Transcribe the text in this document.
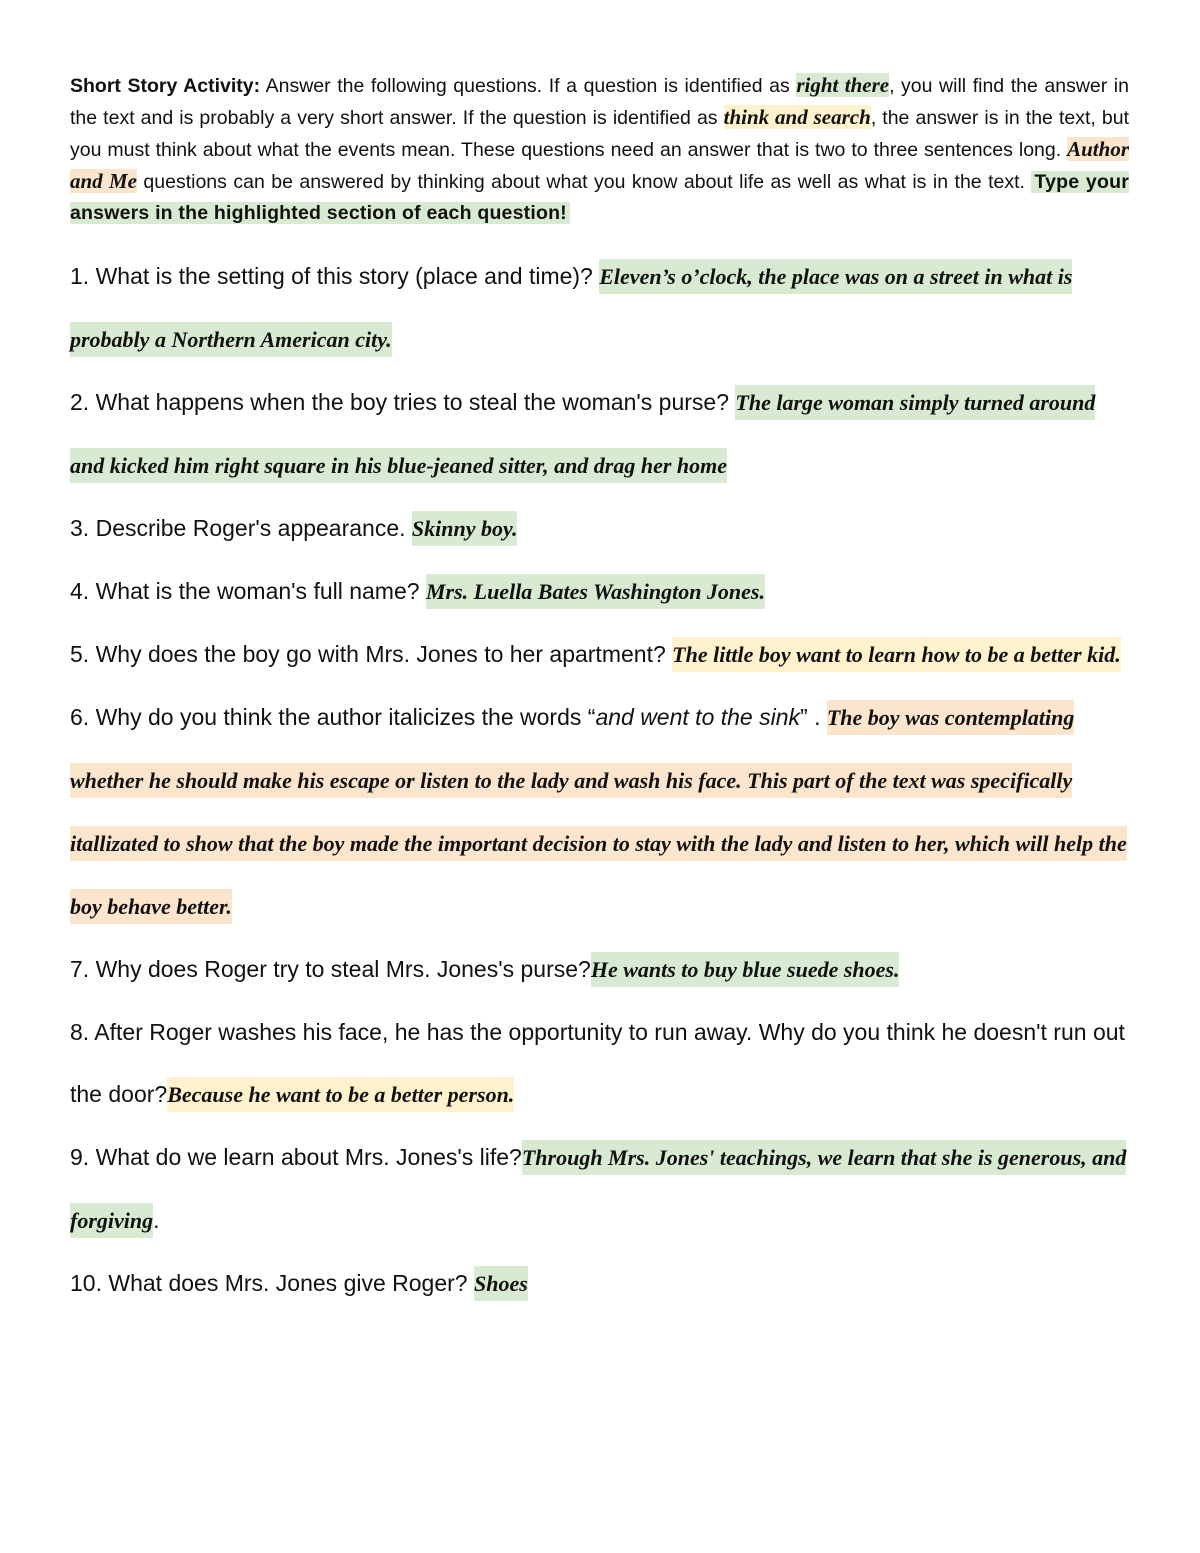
Short Story Activity: Answer the following questions. If a question is identified as right there, you will find the answer in the text and is probably a very short answer. If the question is identified as think and search, the answer is in the text, but you must think about what the events mean. These questions need an answer that is two to three sentences long. Author and Me questions can be answered by thinking about what you know about life as well as what is in the text. Type your answers in the highlighted section of each question!

1. What is the setting of this story (place and time)? Eleven’s o’clock, the place was on a street in what is probably a Northern American city.

2. What happens when the boy tries to steal the woman's purse? The large woman simply turned around and kicked him right square in his blue-jeaned sitter, and drag her home

3. Describe Roger's appearance. Skinny boy.

4. What is the woman's full name? Mrs. Luella Bates Washington Jones.

5. Why does the boy go with Mrs. Jones to her apartment? The little boy want to learn how to be a better kid.

6. Why do you think the author italicizes the words “and went to the sink” . The boy was contemplating whether he should make his escape or listen to the lady and wash his face. This part of the text was specifically itallizated to show that the boy made the important decision to stay with the lady and listen to her, which will help the boy behave better.

7. Why does Roger try to steal Mrs. Jones's purse?He wants to buy blue suede shoes.

8. After Roger washes his face, he has the opportunity to run away. Why do you think he doesn't run out the door?Because he want to be a better person.

9. What do we learn about Mrs. Jones's life?Through Mrs. Jones' teachings, we learn that she is generous, and forgiving.

10. What does Mrs. Jones give Roger? Shoes
